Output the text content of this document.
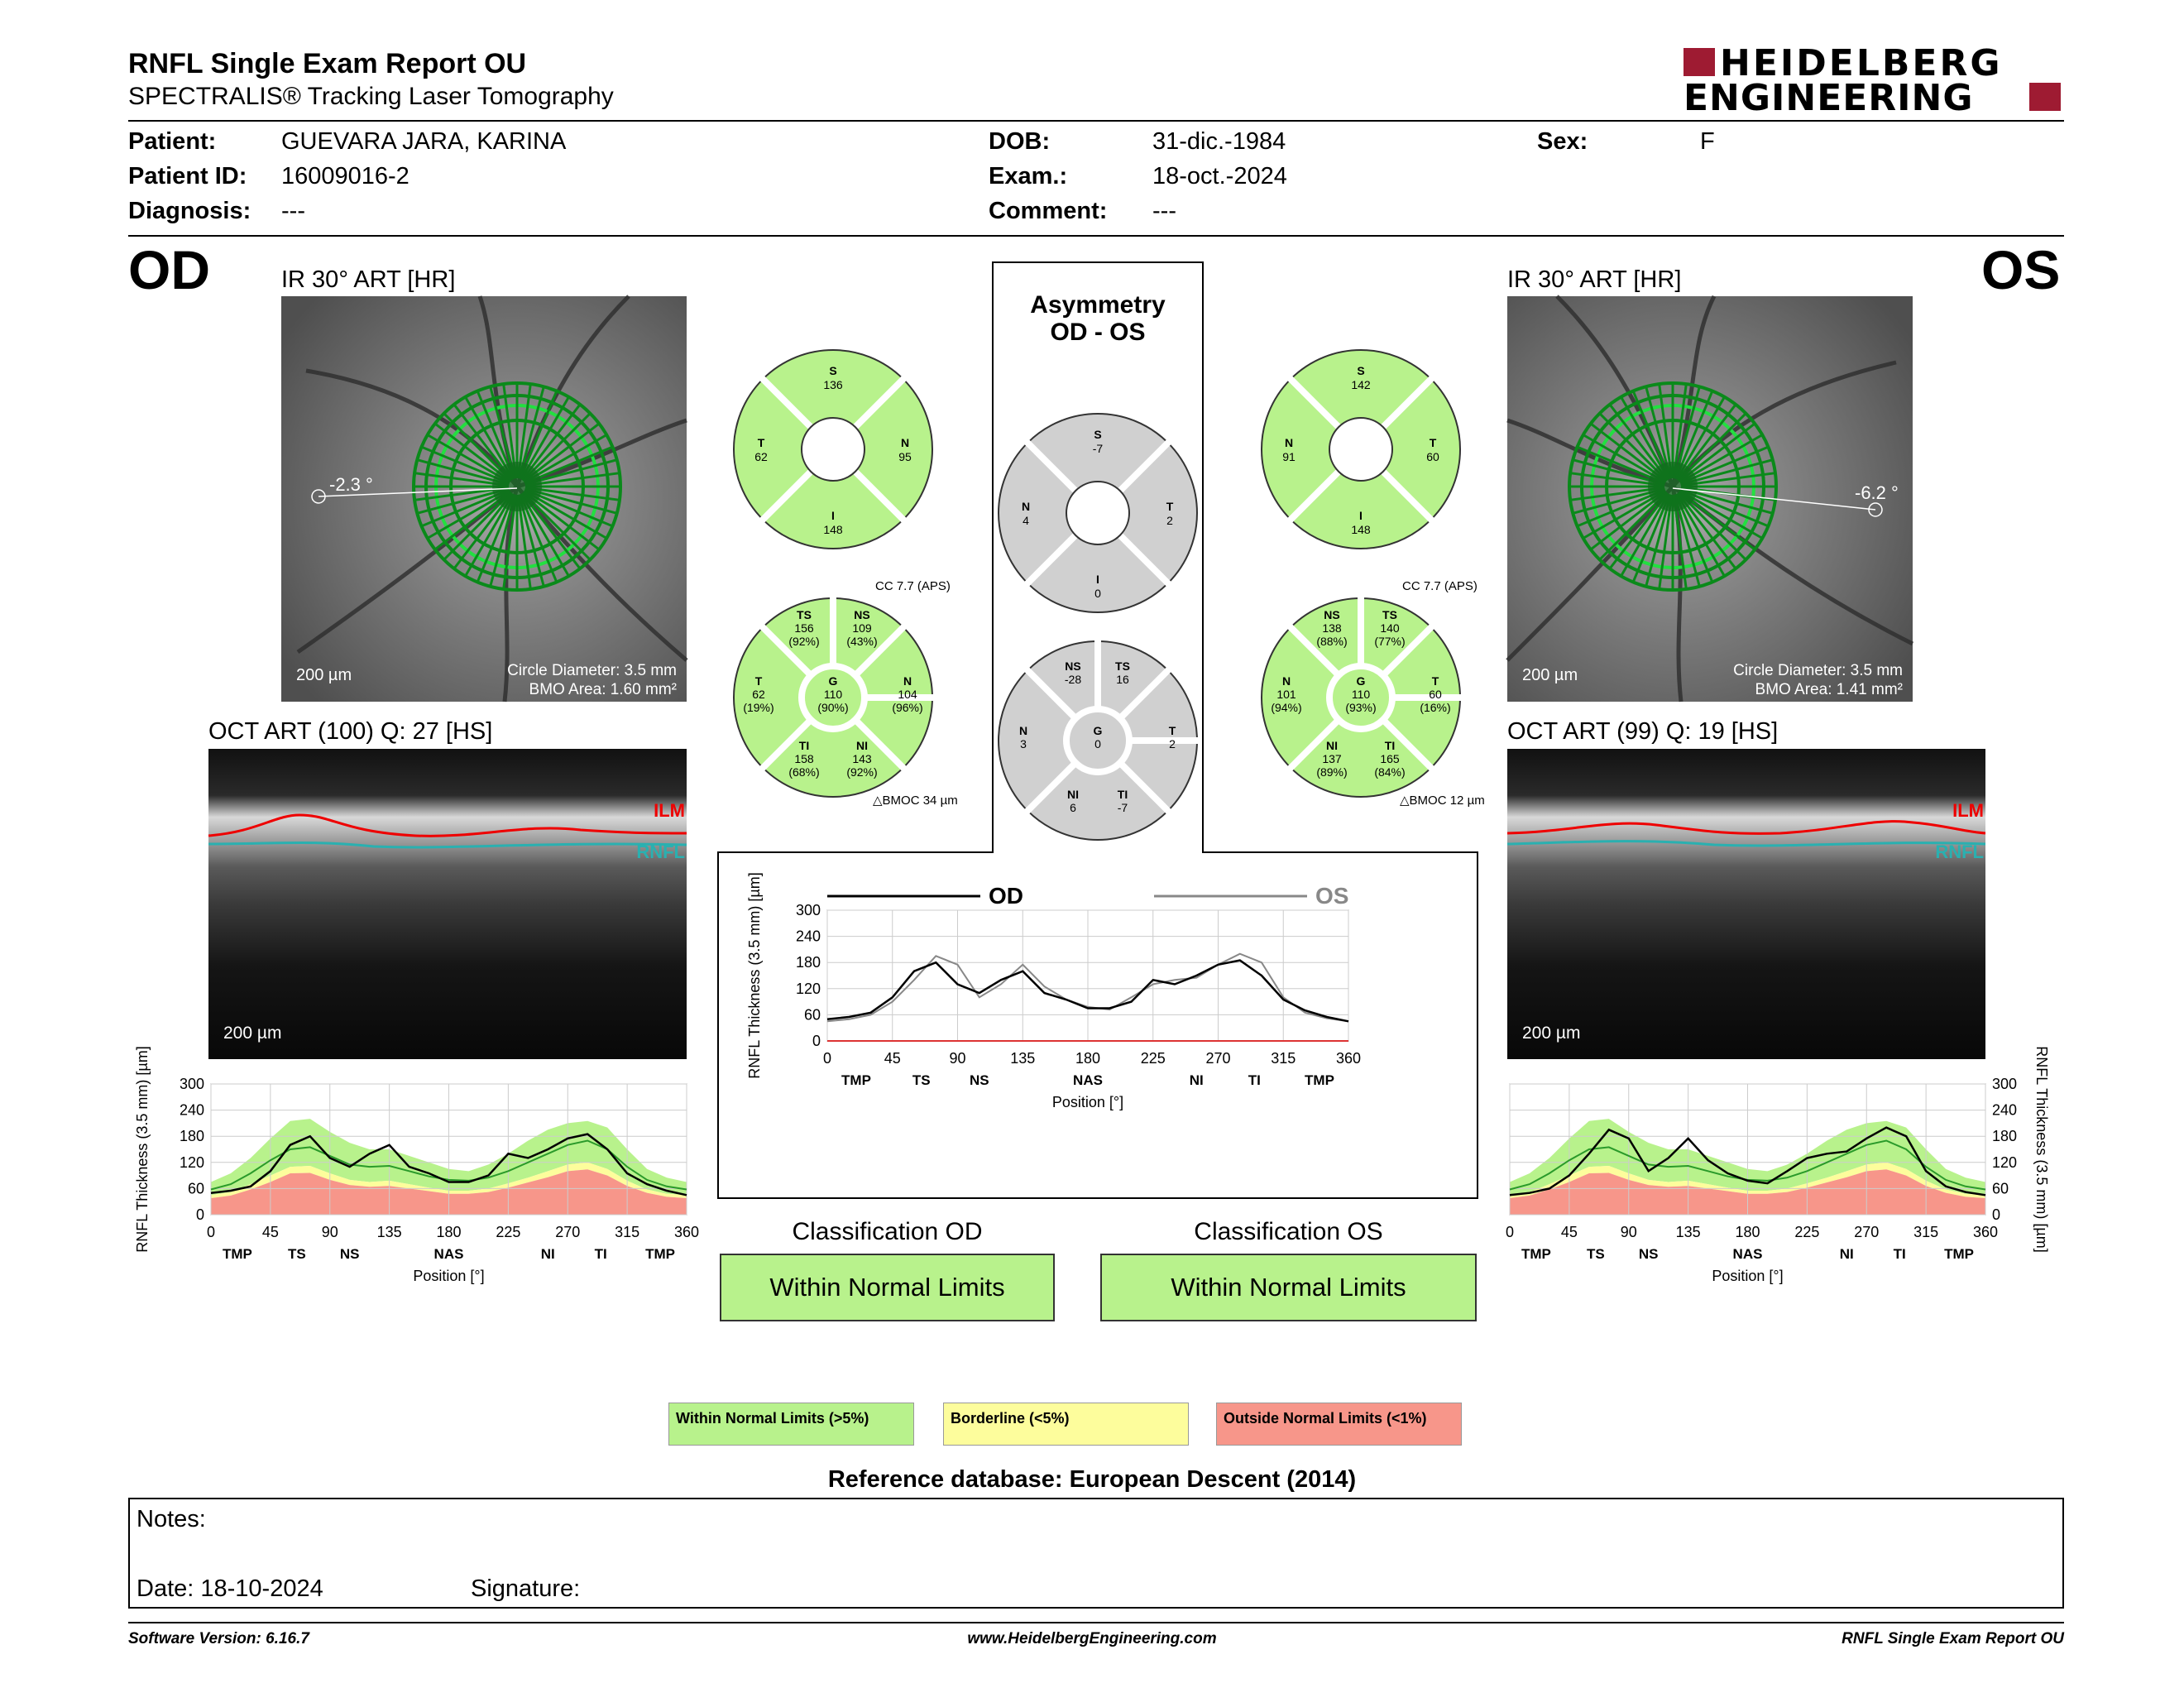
RNFL Single Exam Report OU
SPECTRALIS® Tracking Laser Tomography
HEIDELBERG
ENGINEERING
Patient:	GUEVARA JARA, KARINA
Patient ID: 16009016-2
Diagnosis: ---
DOB:	31-dic.-1984
Exam.:	18-oct.-2024
Comment: ---
Sex:	F
OD	OS
IR 30° ART [HR]
-2.3 °
200 µm	Circle Diameter: 3.5 mm
BMO Area: 1.60 mm²
IR 30° ART [HR]
-6.2 °
200 µm	Circle Diameter: 3.5 mm
BMO Area: 1.41 mm²
OCT ART (100) Q: 27 [HS]
ILM
RNFL
200 µm
OCT ART (99) Q: 19 [HS]
ILM
RNFL
200 µm
Asymmetry
OD - OS
S
136
T
62
N
95
I
148
S
142
N
91
T
60
I
148
S
-7
N
4
T
2
I
0
TS
156
(92%)
NS
109
(43%)
T
62
(19%)
G
110
(90%)
N
104
(96%)
TI
158
(68%)
NI
143
(92%)
NS
138
(88%)
TS
140
(77%)
N
101
(94%)
G
110
(93%)
T
60
(16%)
NI
137
(89%)
TI
165
(84%)
NS
-28
TS
16
N
3
G
0
T
2
NI
6
TI
-7
CC 7.7 (APS)
△BMOC 34 µm
CC 7.7 (APS)
△BMOC 12 µm
300
240
180
120
60
0
0	45	90	135	180	225	270	315	360
TMP	TS	NS	NAS	NI	TI	TMP
Position [°]
RNFL Thickness (3.5 mm) [µm]	OD	OS
300
240
180
120
60
0
0	45	90	135 180 225 270 315 360
TMP	TS NS	NAS	NI	TI	TMP
Position [°]
RNFL Thickness (3.5 mm) [µm]	300
240
180
120
60
0
0	45	90	135 180 225 270 315 360
TMP	TS NS	NAS	NI	TI	TMP
Position [°]
RNFL Thickness (3.5 mm) [µm]
Classification OD
Within Normal Limits
Classification OS
Within Normal Limits
Within Normal Limits (>5%)	Borderline (<5%)	Outside Normal Limits (<1%)
Reference database: European Descent (2014)
Notes:
Date: 18-10-2024	Signature:
Software Version: 6.16.7	www.HeidelbergEngineering.com	RNFL Single Exam Report OU
